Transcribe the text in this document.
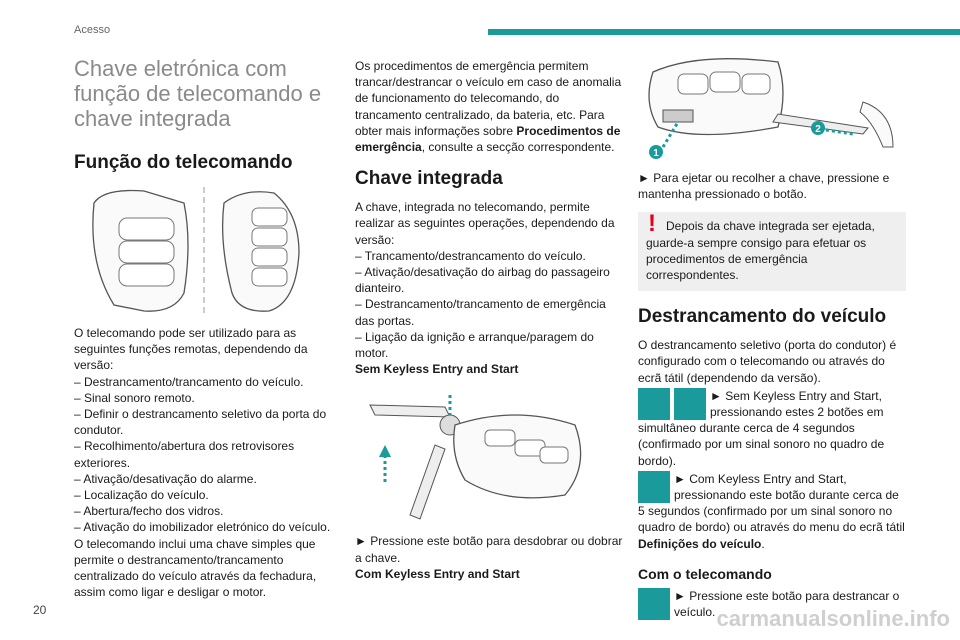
Acesso
Chave eletrónica com função de telecomando e chave integrada
Função do telecomando

O telecomando pode ser utilizado para as seguintes funções remotas, dependendo da versão:

– Destrancamento/trancamento do veículo.

– Sinal sonoro remoto.

– Definir o destrancamento seletivo da porta do condutor.

– Recolhimento/abertura dos retrovisores exteriores.

– Ativação/desativação do alarme.

– Localização do veículo.

– Abertura/fecho dos vidros.

– Ativação do imobilizador eletrónico do veículo.

O telecomando inclui uma chave simples que permite o destrancamento/trancamento centralizado do veículo através da fechadura, assim como ligar e desligar o motor.

Os procedimentos de emergência permitem trancar/destrancar o veículo em caso de anomalia de funcionamento do telecomando, do trancamento centralizado, da bateria, etc. Para obter mais informações sobre Procedimentos de emergência, consulte a secção correspondente.

Chave integrada

A chave, integrada no telecomando, permite realizar as seguintes operações, dependendo da versão:

– Trancamento/destrancamento do veículo.

– Ativação/desativação do airbag do passageiro dianteiro.

– Destrancamento/trancamento de emergência das portas.

– Ligação da ignição e arranque/paragem do motor.

Sem Keyless Entry and Start

► Pressione este botão para desdobrar ou dobrar a chave.

Com Keyless Entry and Start

1
2

► Para ejetar ou recolher a chave, pressione e mantenha pressionado o botão.

! Depois da chave integrada ser ejetada, guarde-a sempre consigo para efetuar os procedimentos de emergência correspondentes.

Destrancamento do veículo

O destrancamento seletivo (porta do condutor) é configurado com o telecomando ou através do ecrã tátil (dependendo da versão).

► Sem Keyless Entry and Start, pressionando estes 2 botões em simultâneo durante cerca de 4 segundos (confirmado por um sinal sonoro no quadro de bordo).

► Com Keyless Entry and Start, pressionando este botão durante cerca de 5 segundos (confirmado por um sinal sonoro no quadro de bordo) ou através do menu do ecrã tátil Definições do veículo.

Com o telecomando

► Pressione este botão para destrancar o veículo.

20	carmanualsonline.info
